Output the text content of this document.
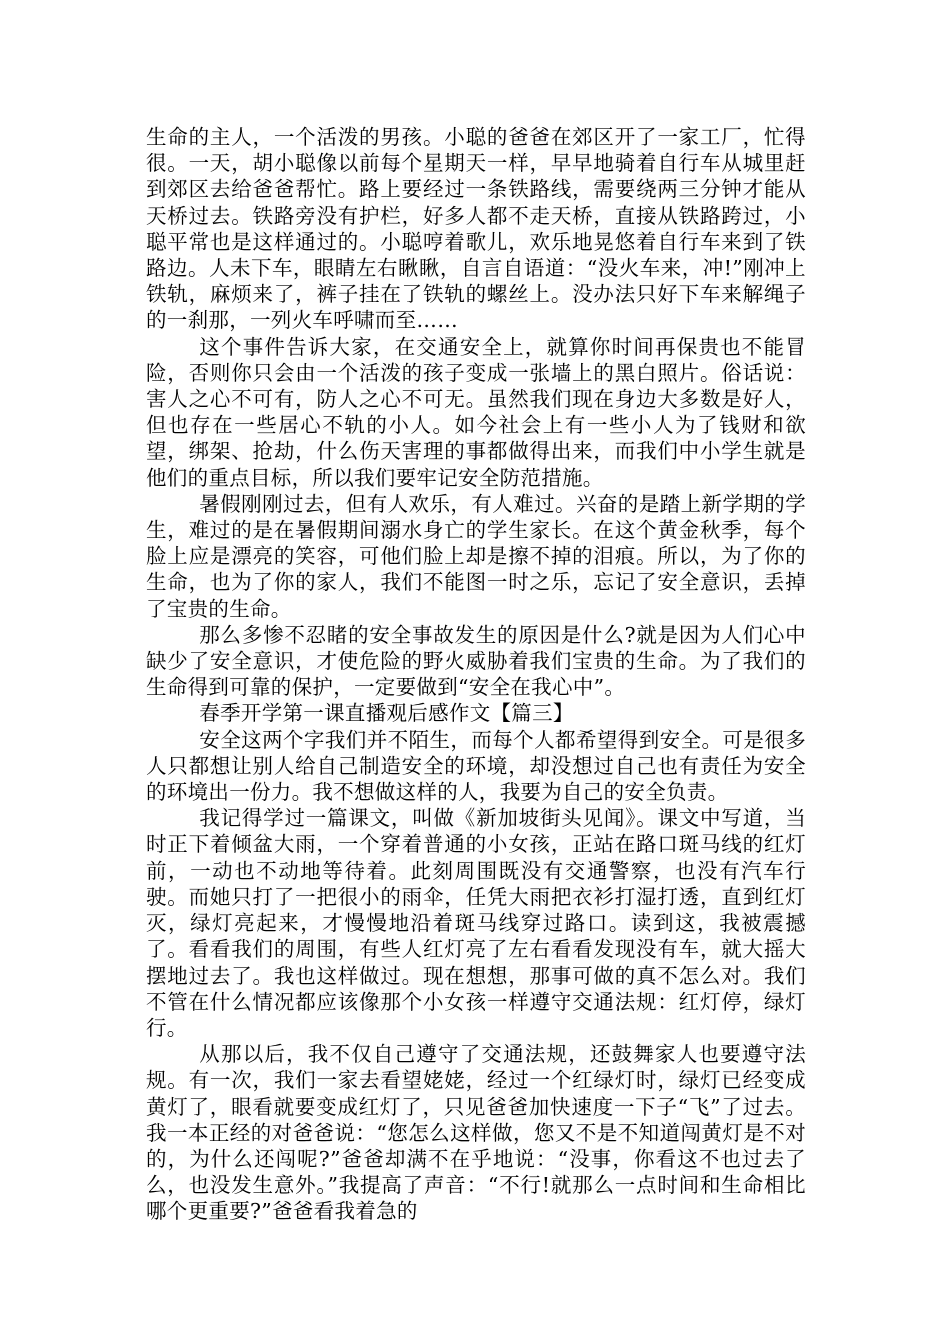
生命的主人，一个活泼的男孩。小聪的爸爸在郊区开了一家工厂，忙得很。一天，胡小聪像以前每个星期天一样，早早地骑着自行车从城里赶到郊区去给爸爸帮忙。路上要经过一条铁路线，需要绕两三分钟才能从天桥过去。铁路旁没有护栏，好多人都不走天桥，直接从铁路跨过，小聪平常也是这样通过的。小聪哼着歌儿，欢乐地晃悠着自行车来到了铁路边。人未下车，眼睛左右瞅瞅，自言自语道：“没火车来，冲!”刚冲上铁轨，麻烦来了，裤子挂在了铁轨的螺丝上。没办法只好下车来解绳子的一刹那，一列火车呼啸而至……

这个事件告诉大家，在交通安全上，就算你时间再保贵也不能冒险，否则你只会由一个活泼的孩子变成一张墙上的黑白照片。俗话说：害人之心不可有，防人之心不可无。虽然我们现在身边大多数是好人，但也存在一些居心不轨的小人。如今社会上有一些小人为了钱财和欲望，绑架、抢劫，什么伤天害理的事都做得出来，而我们中小学生就是他们的重点目标，所以我们要牢记安全防范措施。

暑假刚刚过去，但有人欢乐，有人难过。兴奋的是踏上新学期的学生，难过的是在暑假期间溺水身亡的学生家长。在这个黄金秋季，每个脸上应是漂亮的笑容，可他们脸上却是擦不掉的泪痕。所以，为了你的生命，也为了你的家人，我们不能图一时之乐，忘记了安全意识，丢掉了宝贵的生命。

那么多惨不忍睹的安全事故发生的原因是什么?就是因为人们心中缺少了安全意识，才使危险的野火威胁着我们宝贵的生命。为了我们的生命得到可靠的保护，一定要做到“安全在我心中”。

春季开学第一课直播观后感作文【篇三】

安全这两个字我们并不陌生，而每个人都希望得到安全。可是很多人只都想让别人给自己制造安全的环境，却没想过自己也有责任为安全的环境出一份力。我不想做这样的人，我要为自己的安全负责。

我记得学过一篇课文，叫做《新加坡街头见闻》。课文中写道，当时正下着倾盆大雨，一个穿着普通的小女孩，正站在路口斑马线的红灯前，一动也不动地等待着。此刻周围既没有交通警察，也没有汽车行驶。而她只打了一把很小的雨伞，任凭大雨把衣衫打湿打透，直到红灯灭，绿灯亮起来，才慢慢地沿着斑马线穿过路口。读到这，我被震撼了。看看我们的周围，有些人红灯亮了左右看看发现没有车，就大摇大摆地过去了。我也这样做过。现在想想，那事可做的真不怎么对。我们不管在什么情况都应该像那个小女孩一样遵守交通法规：红灯停，绿灯行。

从那以后，我不仅自己遵守了交通法规，还鼓舞家人也要遵守法规。有一次，我们一家去看望姥姥，经过一个红绿灯时，绿灯已经变成黄灯了，眼看就要变成红灯了，只见爸爸加快速度一下子“飞”了过去。我一本正经的对爸爸说：“您怎么这样做，您又不是不知道闯黄灯是不对的，为什么还闯呢?”爸爸却满不在乎地说：“没事，你看这不也过去了么，也没发生意外。”我提高了声音：“不行!就那么一点时间和生命相比哪个更重要?”爸爸看我着急的
